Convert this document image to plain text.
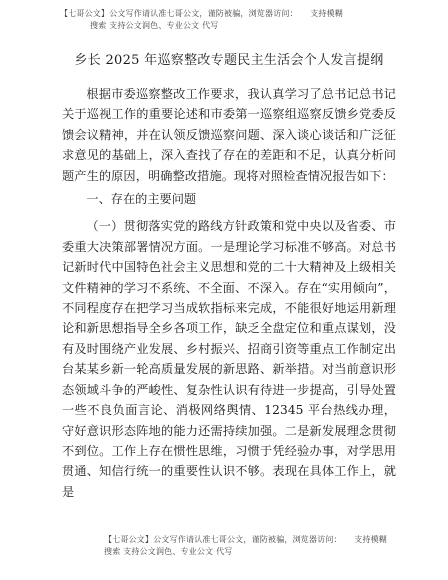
【七哥公文】公文写作请认准七哥公文，谨防被骗，浏览器访问：　　支持模糊
搜索 支持公文润色、专业公文 代写
乡长 2025 年巡察整改专题民主生活会个人发言提纲

根据市委巡察整改工作要求，我认真学习了总书记总书记关于巡视工作的重要论述和市委第一巡察组巡察反馈乡党委反馈会议精神，并在认领反馈巡察问题、深入谈心谈话和广泛征求意见的基础上，深入查找了存在的差距和不足，认真分析问题产生的原因，明确整改措施。现将对照检查情况报告如下：

一、存在的主要问题

（一）贯彻落实党的路线方针政策和党中央以及省委、市委重大决策部署情况方面。一是理论学习标准不够高。对总书记新时代中国特色社会主义思想和党的二十大精神及上级相关文件精神的学习不系统、不全面、不深入。存在“实用倾向”，不同程度存在把学习当成软指标来完成，不能很好地运用新理论和新思想指导全乡各项工作，缺乏全盘定位和重点谋划，没有及时围绕产业发展、乡村振兴、招商引资等重点工作制定出台某某乡新一轮高质量发展的新思路、新举措。对当前意识形态领域斗争的严峻性、复杂性认识有待进一步提高，引导处置一些不良负面言论、消极网络舆情、12345 平台热线办理，守好意识形态阵地的能力还需持续加强。二是新发展理念贯彻不到位。工作上存在惯性思维，习惯于凭经验办事，对学思用贯通、知信行统一的重要性认识不够。表现在具体工作上，就是

【七哥公文】公文写作请认准七哥公文，谨防被骗，浏览器访问：　　支持模糊
搜索 支持公文润色、专业公文 代写
